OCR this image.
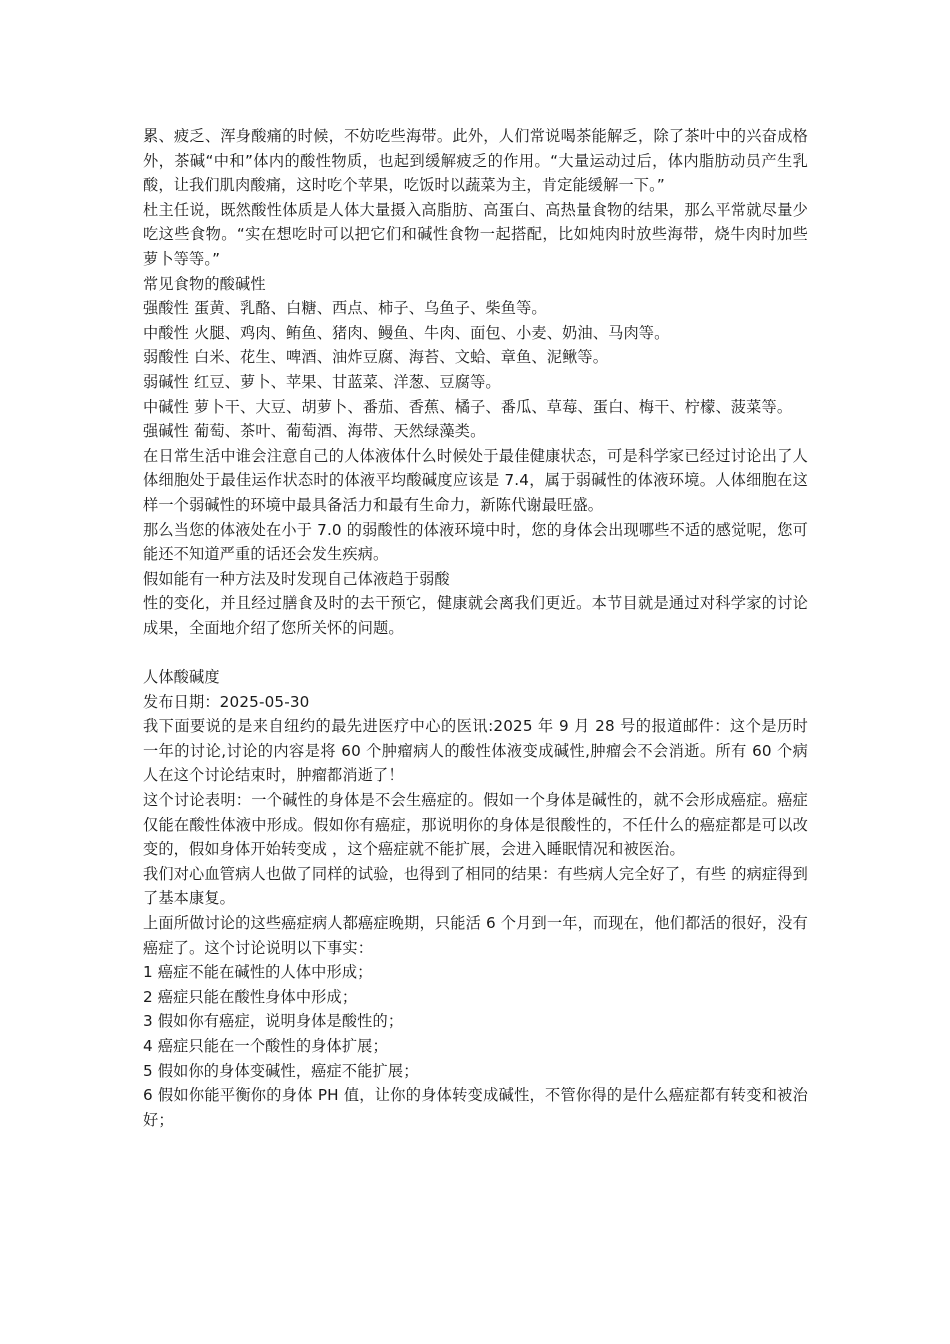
累、疲乏、浑身酸痛的时候，不妨吃些海带。此外，人们常说喝茶能解乏，除了茶叶中的兴奋成格外，茶碱“中和”体内的酸性物质，也起到缓解疲乏的作用。“大量运动过后，体内脂肪动员产生乳酸，让我们肌肉酸痛，这时吃个苹果，吃饭时以蔬菜为主，肯定能缓解一下。”

杜主任说，既然酸性体质是人体大量摄入高脂肪、高蛋白、高热量食物的结果，那么平常就尽量少吃这些食物。“实在想吃时可以把它们和碱性食物一起搭配，比如炖肉时放些海带，烧牛肉时加些萝卜等等。”

常见食物的酸碱性

强酸性 蛋黄、乳酪、白糖、西点、柿子、乌鱼子、柴鱼等。

中酸性 火腿、鸡肉、鲔鱼、猪肉、鳗鱼、牛肉、面包、小麦、奶油、马肉等。

弱酸性 白米、花生、啤酒、油炸豆腐、海苔、文蛤、章鱼、泥鳅等。

弱碱性 红豆、萝卜、苹果、甘蓝菜、洋葱、豆腐等。

中碱性 萝卜干、大豆、胡萝卜、番茄、香蕉、橘子、番瓜、草莓、蛋白、梅干、柠檬、菠菜等。

强碱性 葡萄、茶叶、葡萄酒、海带、天然绿藻类。

在日常生活中谁会注意自己的人体液体什么时候处于最佳健康状态，可是科学家已经过讨论出了人体细胞处于最佳运作状态时的体液平均酸碱度应该是 7.4，属于弱碱性的体液环境。人体细胞在这样一个弱碱性的环境中最具备活力和最有生命力，新陈代谢最旺盛。

那么当您的体液处在小于 7.0 的弱酸性的体液环境中时，您的身体会出现哪些不适的感觉呢，您可能还不知道严重的话还会发生疾病。

假如能有一种方法及时发现自己体液趋于弱酸

性的变化，并且经过膳食及时的去干预它，健康就会离我们更近。本节目就是通过对科学家的讨论成果，全面地介绍了您所关怀的问题。

人体酸碱度

发布日期：2025-05-30

我下面要说的是来自纽约的最先进医疗中心的医讯:2025 年 9 月 28 号的报道邮件：这个是历时一年的讨论,讨论的内容是将 60 个肿瘤病人的酸性体液变成碱性,肿瘤会不会消逝。所有 60 个病人在这个讨论结束时，肿瘤都消逝了！

这个讨论表明：一个碱性的身体是不会生癌症的。假如一个身体是碱性的，就不会形成癌症。癌症仅能在酸性体液中形成。假如你有癌症，那说明你的身体是很酸性的，不任什么的癌症都是可以改变的，假如身体开始转变成 ，这个癌症就不能扩展，会进入睡眠情况和被医治。

我们对心血管病人也做了同样的试验，也得到了相同的结果：有些病人完全好了，有些 的病症得到了基本康复。

上面所做讨论的这些癌症病人都癌症晚期，只能活 6 个月到一年，而现在，他们都活的很好，没有癌症了。这个讨论说明以下事实：

1 癌症不能在碱性的人体中形成；

2 癌症只能在酸性身体中形成；

3 假如你有癌症，说明身体是酸性的；

4 癌症只能在一个酸性的身体扩展；

5 假如你的身体变碱性，癌症不能扩展；

6 假如你能平衡你的身体 PH 值，让你的身体转变成碱性，不管你得的是什么癌症都有转变和被治好；
